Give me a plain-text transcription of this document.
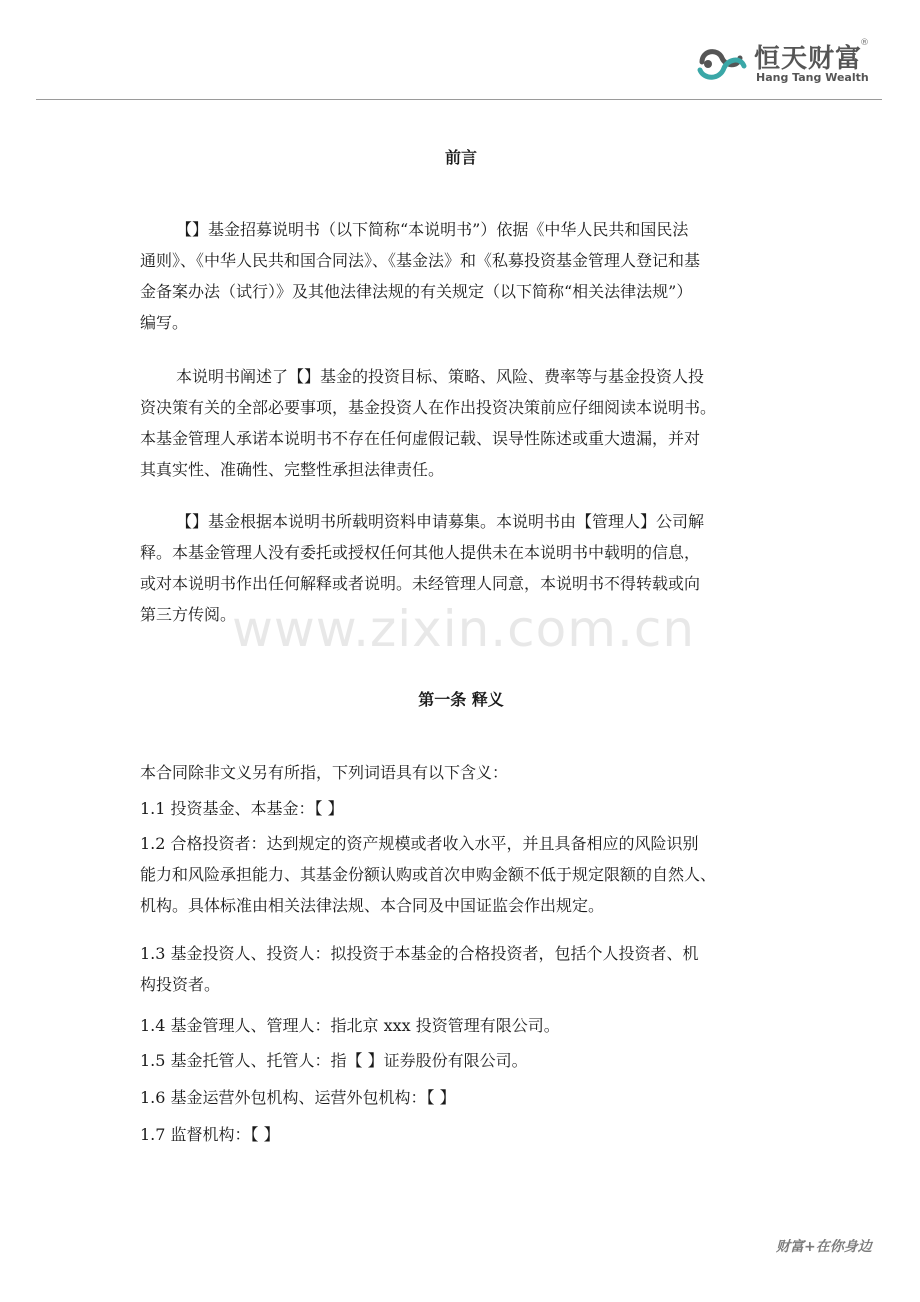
恒天财富
®
Hang Tang Wealth
前言

【】基金招募说明书（以下简称“本说明书”）依据《中华人民共和国民法
通则》、《中华人民共和国合同法》、《基金法》和《私募投资基金管理人登记和基
金备案办法（试行）》及其他法律法规的有关规定（以下简称“相关法律法规”）
编写。

本说明书阐述了【】基金的投资目标、策略、风险、费率等与基金投资人投
资决策有关的全部必要事项，基金投资人在作出投资决策前应仔细阅读本说明书。
本基金管理人承诺本说明书不存在任何虚假记载、误导性陈述或重大遗漏，并对
其真实性、准确性、完整性承担法律责任。

【】基金根据本说明书所载明资料申请募集。本说明书由【管理人】公司解
释。本基金管理人没有委托或授权任何其他人提供未在本说明书中载明的信息，
或对本说明书作出任何解释或者说明。未经管理人同意，本说明书不得转载或向
第三方传阅。

第一条 释义

本合同除非文义另有所指，下列词语具有以下含义：

1.1 投资基金、本基金：【 】

1.2 合格投资者：达到规定的资产规模或者收入水平，并且具备相应的风险识别
能力和风险承担能力、其基金份额认购或首次申购金额不低于规定限额的自然人、
机构。具体标准由相关法律法规、本合同及中国证监会作出规定。

1.3 基金投资人、投资人：拟投资于本基金的合格投资者，包括个人投资者、机
构投资者。

1.4 基金管理人、管理人：指北京 xxx 投资管理有限公司。

1.5 基金托管人、托管人：指【 】证券股份有限公司。

1.6 基金运营外包机构、运营外包机构：【 】

1.7 监督机构：【 】

www.zixin.com.cn
财富+在你身边
